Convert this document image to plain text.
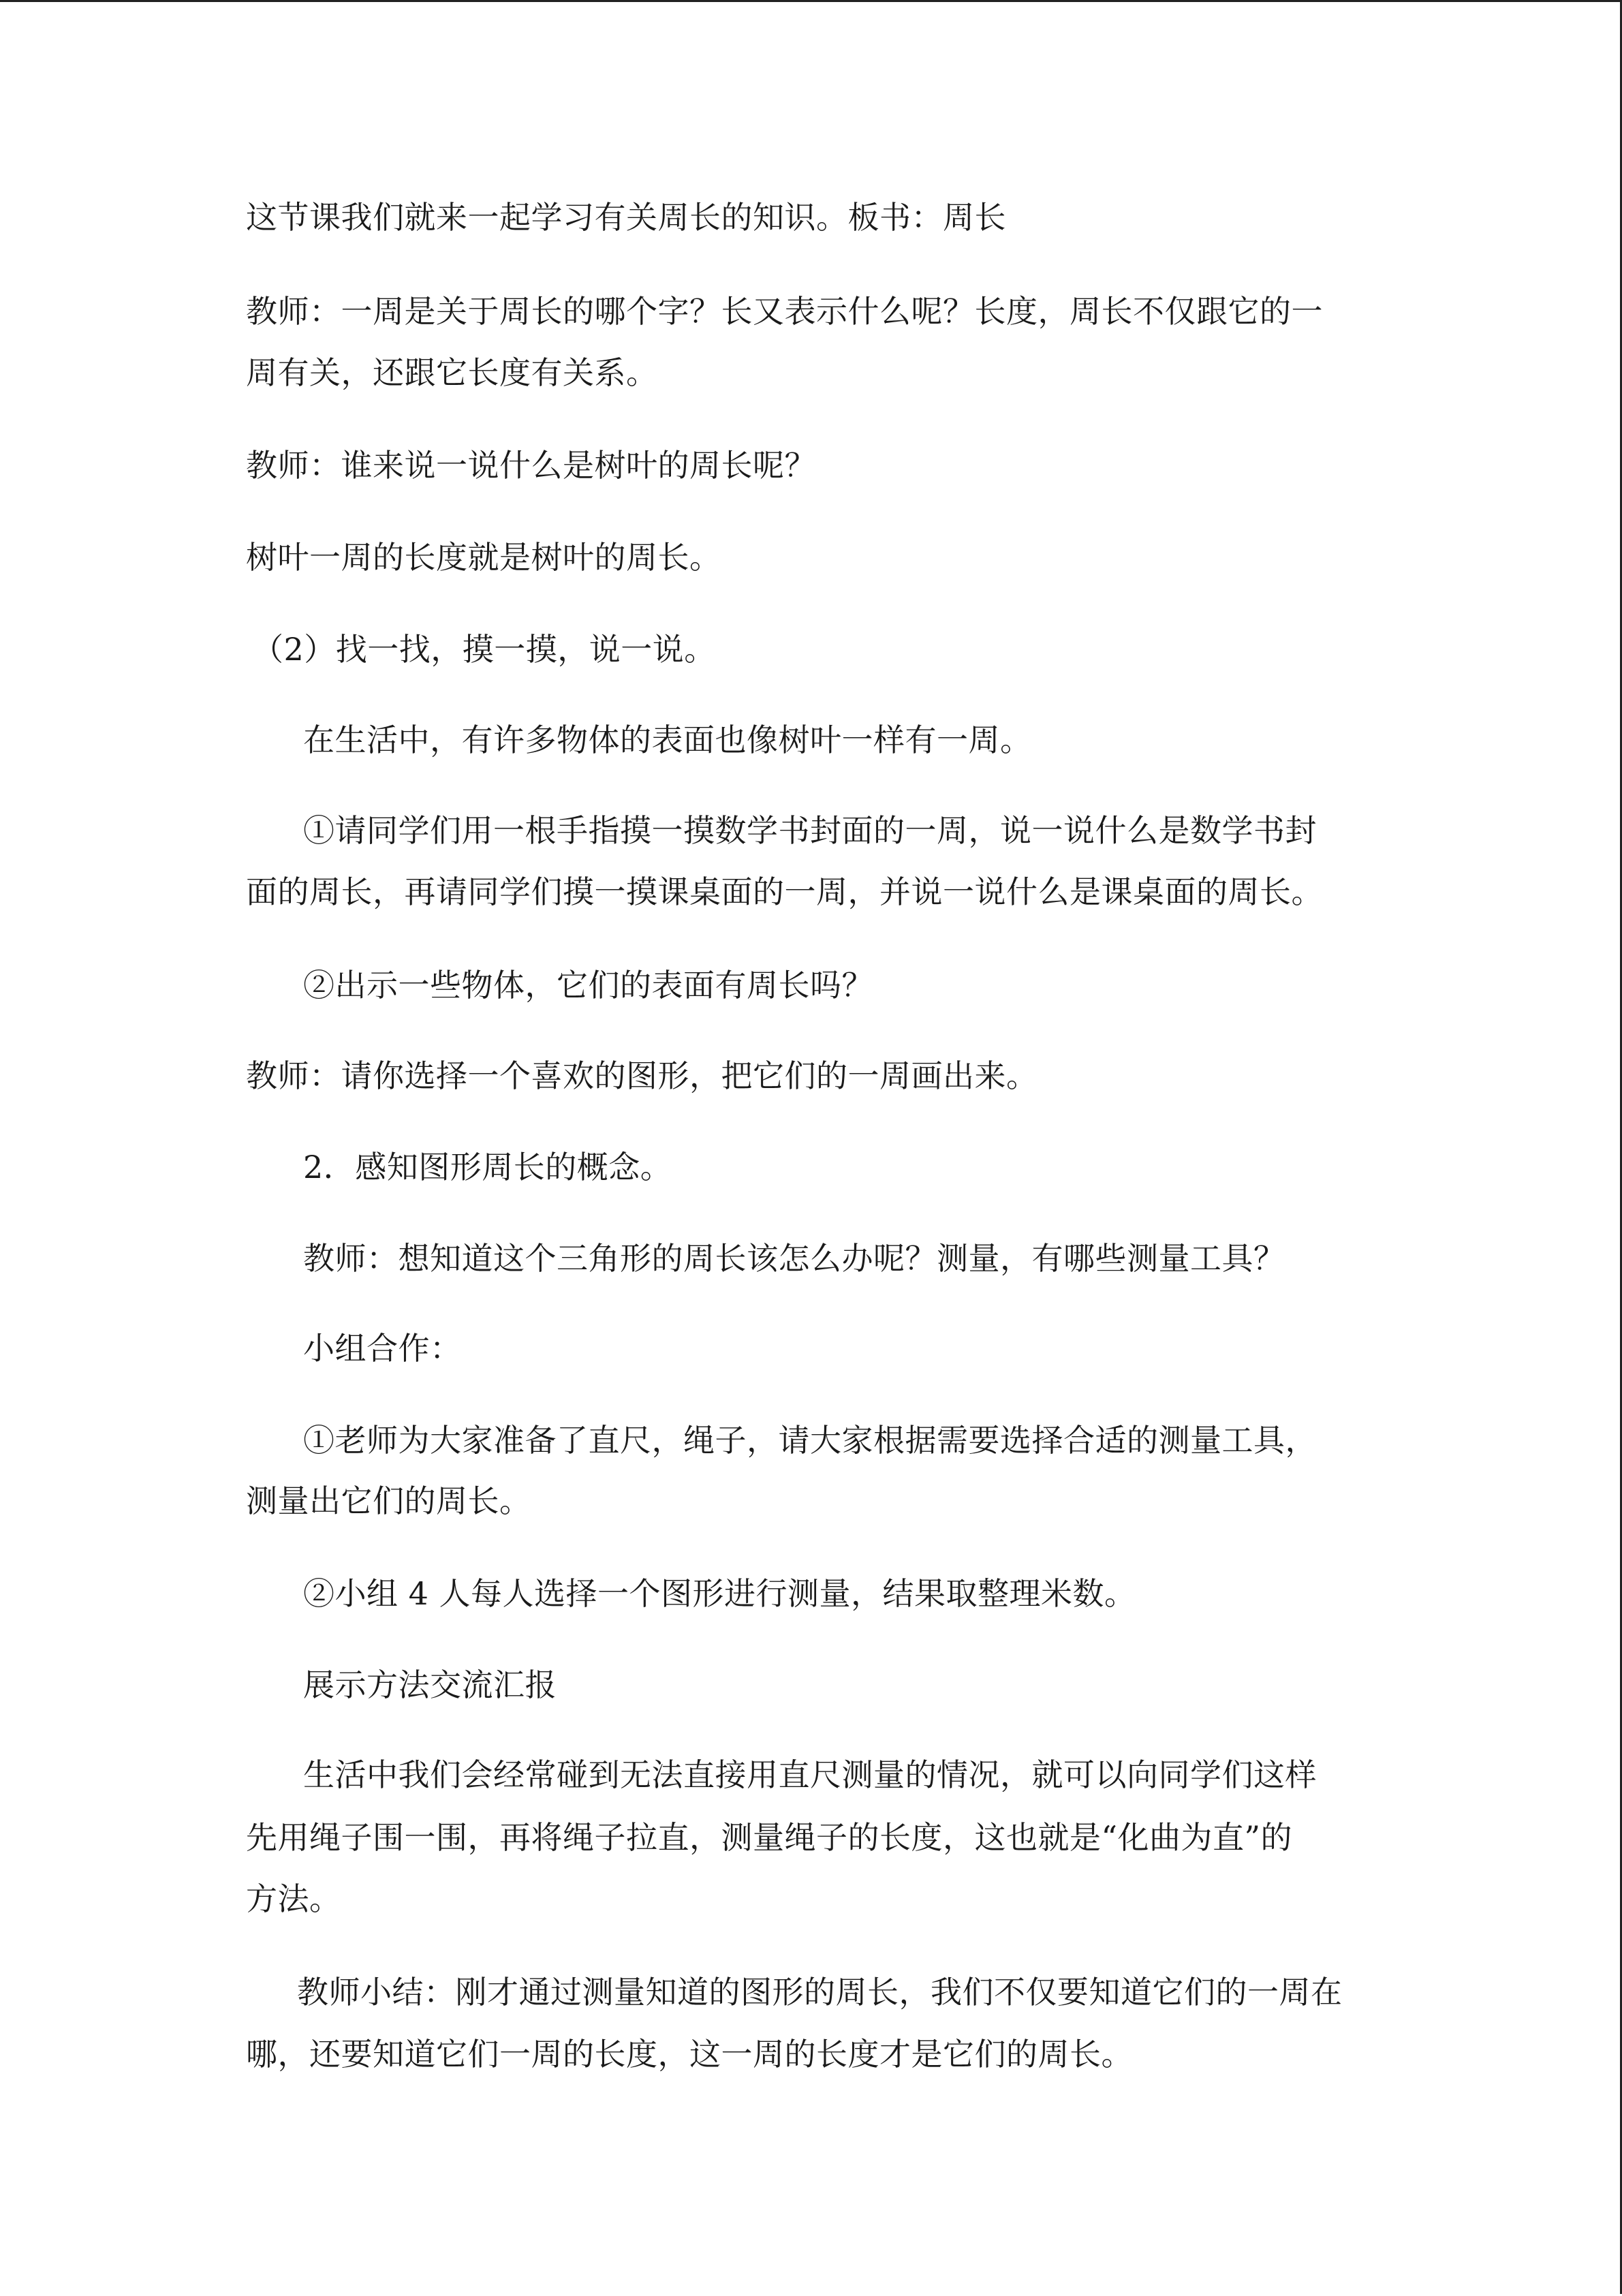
这节课我们就来一起学习有关周长的知识。板书：周长

教师：一周是关于周长的哪个字？长又表示什么呢？长度，周长不仅跟它的一

周有关，还跟它长度有关系。

教师：谁来说一说什么是树叶的周长呢？

树叶一周的长度就是树叶的周长。

（2）找一找，摸一摸，说一说。

在生活中，有许多物体的表面也像树叶一样有一周。

①请同学们用一根手指摸一摸数学书封面的一周，说一说什么是数学书封

面的周长，再请同学们摸一摸课桌面的一周，并说一说什么是课桌面的周长。

②出示一些物体，它们的表面有周长吗？

教师：请你选择一个喜欢的图形，把它们的一周画出来。

2．感知图形周长的概念。

教师：想知道这个三角形的周长该怎么办呢？测量，有哪些测量工具？

小组合作：

①老师为大家准备了直尺，绳子，请大家根据需要选择合适的测量工具，

测量出它们的周长。

②小组 4 人每人选择一个图形进行测量，结果取整理米数。

展示方法交流汇报

生活中我们会经常碰到无法直接用直尺测量的情况，就可以向同学们这样

先用绳子围一围，再将绳子拉直，测量绳子的长度，这也就是“化曲为直”的

方法。

教师小结：刚才通过测量知道的图形的周长，我们不仅要知道它们的一周在

哪，还要知道它们一周的长度，这一周的长度才是它们的周长。
